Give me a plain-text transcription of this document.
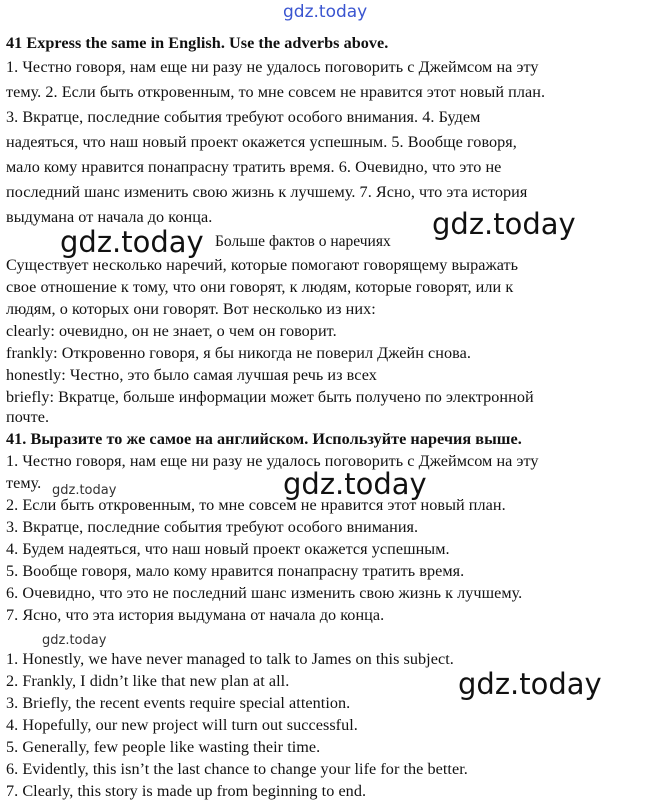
gdz.today
41 Express the same in English. Use the adverbs above.
1. Честно говоря, нам еще ни разу не удалось поговорить с Джеймсом на эту
тему. 2. Если быть откровенным, то мне совсем не нравится этот новый план.
3. Вкратце, последние события требуют особого внимания. 4. Будем
надеяться, что наш новый проект окажется успешным. 5. Вообще говоря,
мало кому нравится понапрасну тратить время. 6. Очевидно, что это не
последний шанс изменить свою жизнь к лучшему. 7. Ясно, что эта история
выдумана от начала до конца.	gdz.today
gdz.today Больше фактов о наречиях
Существует несколько наречий, которые помогают говорящему выражать
свое отношение к тому, что они говорят, к людям, которые говорят, или к
людям, о которых они говорят. Вот несколько из них:
clearly: очевидно, он не знает, о чем он говорит.
frankly: Откровенно говоря, я бы никогда не поверил Джейн снова.
honestly: Честно, это было самая лучшая речь из всех
briefly: Вкратце, больше информации может быть получено по электронной
почте.
41. Выразите то же самое на английском. Используйте наречия выше.
1. Честно говоря, нам еще ни разу не удалось поговорить с Джеймсом на эту
тему. gdz.today	gdz.today
2. Если быть откровенным, то мне совсем не нравится этот новый план.
3. Вкратце, последние события требуют особого внимания.
4. Будем надеяться, что наш новый проект окажется успешным.
5. Вообще говоря, мало кому нравится понапрасну тратить время.
6. Очевидно, что это не последний шанс изменить свою жизнь к лучшему.
7. Ясно, что эта история выдумана от начала до конца.
gdz.today
1. Honestly, we have never managed to talk to James on this subject.
2. Frankly, I didn’t like that new plan at all.	gdz.today
3. Briefly, the recent events require special attention.
4. Hopefully, our new project will turn out successful.
5. Generally, few people like wasting their time.
6. Evidently, this isn’t the last chance to change your life for the better.
7. Clearly, this story is made up from beginning to end.
